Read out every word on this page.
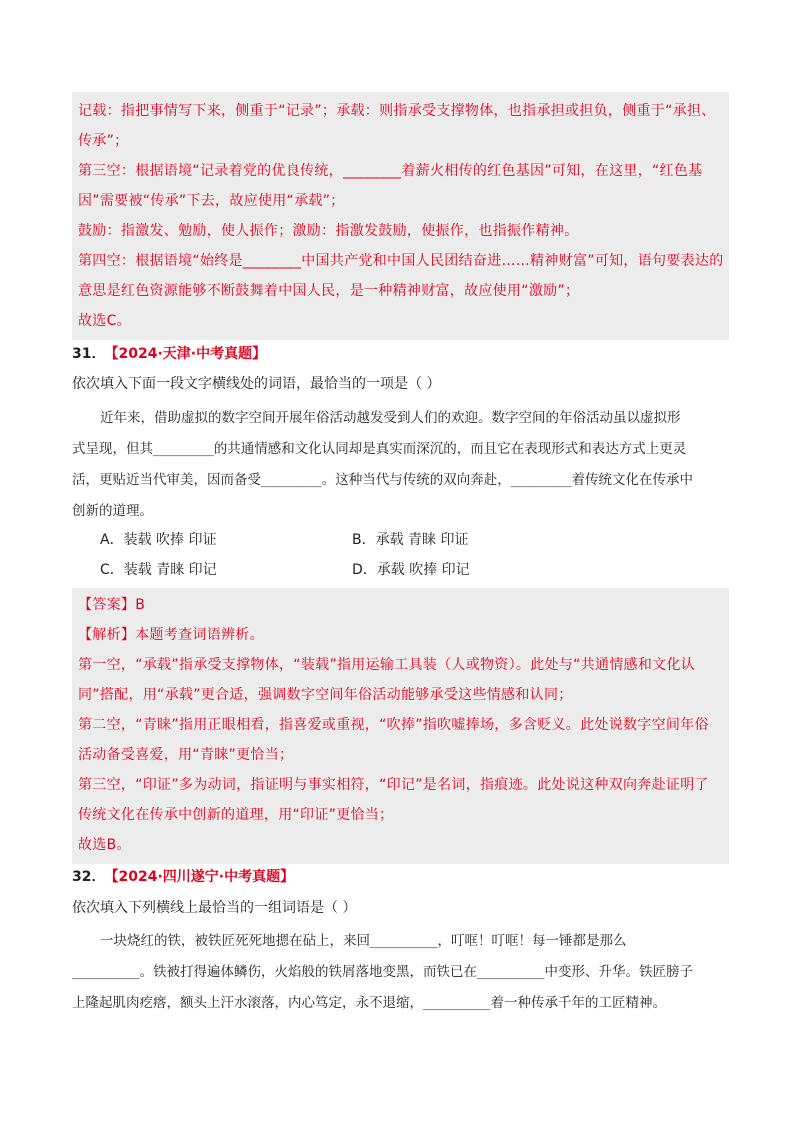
记载：指把事情写下来，侧重于“记录”；承载：则指承受支撑物体，也指承担或担负，侧重于“承担、
传承”；
第三空：根据语境“记录着党的优良传统，________着薪火相传的红色基因”可知，在这里，“红色基
因”需要被“传承”下去，故应使用“承载”；
鼓励：指激发、勉励，使人振作；激励：指激发鼓励，使振作，也指振作精神。
第四空：根据语境“始终是________中国共产党和中国人民团结奋进……精神财富”可知，语句要表达的
意思是红色资源能够不断鼓舞着中国人民，是一种精神财富，故应使用“激励”；
故选C。
31． 【2024·天津·中考真题】
依次填入下面一段文字横线处的词语，最恰当的一项是（ ）

近年来，借助虚拟的数字空间开展年俗活动越发受到人们的欢迎。数字空间的年俗活动虽以虚拟形

式呈现，但其_________的共通情感和文化认同却是真实而深沉的，而且它在表现形式和表达方式上更灵

活，更贴近当代审美，因而备受_________。这种当代与传统的双向奔赴，_________着传统文化在传承中

创新的道理。

A．装载 吹捧 印证	B．承载 青睐 印证
C．装载 青睐 印记	D．承载 吹捧 印记
【答案】B
【解析】本题考查词语辨析。
第一空，“承载”指承受支撑物体，“装载”指用运输工具装（人或物资）。此处与“共通情感和文化认
同”搭配，用“承载”更合适，强调数字空间年俗活动能够承受这些情感和认同；
第二空，“青睐”指用正眼相看，指喜爱或重视，“吹捧”指吹嘘捧场，多含贬义。此处说数字空间年俗
活动备受喜爱，用“青睐”更恰当；
第三空，“印证”多为动词，指证明与事实相符，“印记”是名词，指痕迹。此处说这种双向奔赴证明了
传统文化在传承中创新的道理，用“印证”更恰当；
故选B。
32． 【2024·四川遂宁·中考真题】
依次填入下列横线上最恰当的一组词语是（ ）

一块烧红的铁，被铁匠死死地摁在砧上，来回__________，叮哐！叮哐！每一锤都是那么

__________。铁被打得遍体鳞伤，火焰般的铁屑落地变黑，而铁已在__________中变形、升华。铁匠膀子

上隆起肌肉疙瘩，额头上汗水滚落，内心笃定，永不退缩，__________着一种传承千年的工匠精神。
